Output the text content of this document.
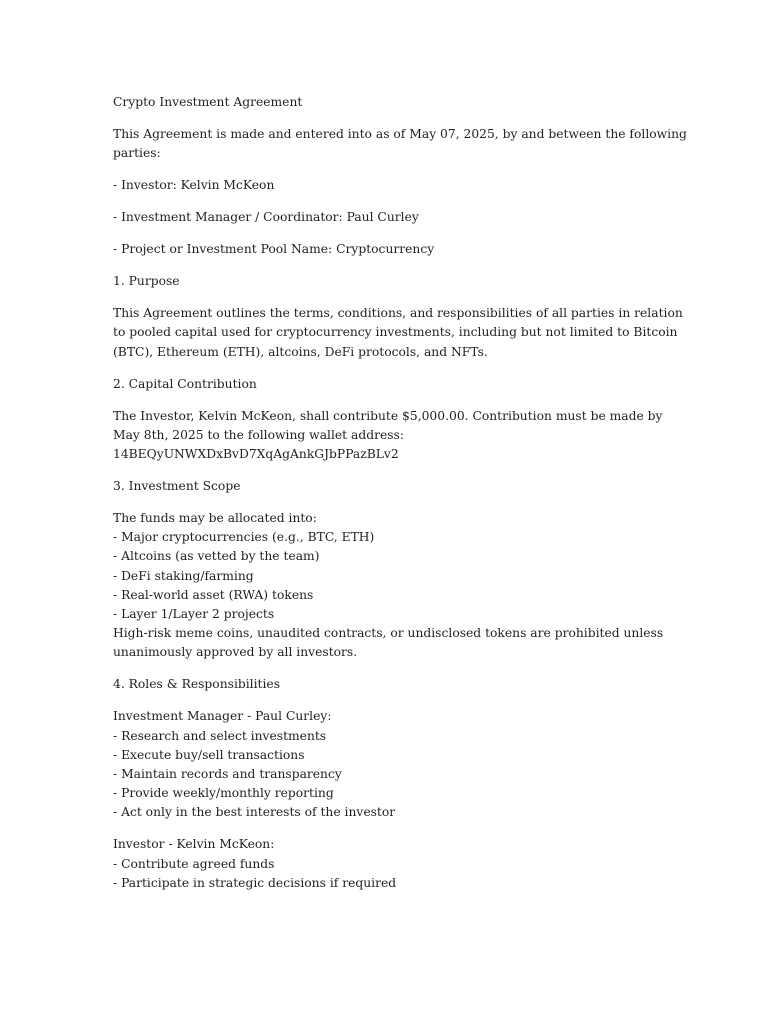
Crypto Investment Agreement

This Agreement is made and entered into as of May 07, 2025, by and between the following
parties:

- Investor: Kelvin McKeon

- Investment Manager / Coordinator: Paul Curley

- Project or Investment Pool Name: Cryptocurrency

1. Purpose

This Agreement outlines the terms, conditions, and responsibilities of all parties in relation
to pooled capital used for cryptocurrency investments, including but not limited to Bitcoin
(BTC), Ethereum (ETH), altcoins, DeFi protocols, and NFTs.

2. Capital Contribution

The Investor, Kelvin McKeon, shall contribute $5,000.00. Contribution must be made by
May 8th, 2025 to the following wallet address:
14BEQyUNWXDxBvD7XqAgAnkGJbPPazBLv2

3. Investment Scope

The funds may be allocated into:
- Major cryptocurrencies (e.g., BTC, ETH)
- Altcoins (as vetted by the team)
- DeFi staking/farming
- Real-world asset (RWA) tokens
- Layer 1/Layer 2 projects
High-risk meme coins, unaudited contracts, or undisclosed tokens are prohibited unless
unanimously approved by all investors.

4. Roles & Responsibilities

Investment Manager - Paul Curley:
- Research and select investments
- Execute buy/sell transactions
- Maintain records and transparency
- Provide weekly/monthly reporting
- Act only in the best interests of the investor

Investor - Kelvin McKeon:
- Contribute agreed funds
- Participate in strategic decisions if required
